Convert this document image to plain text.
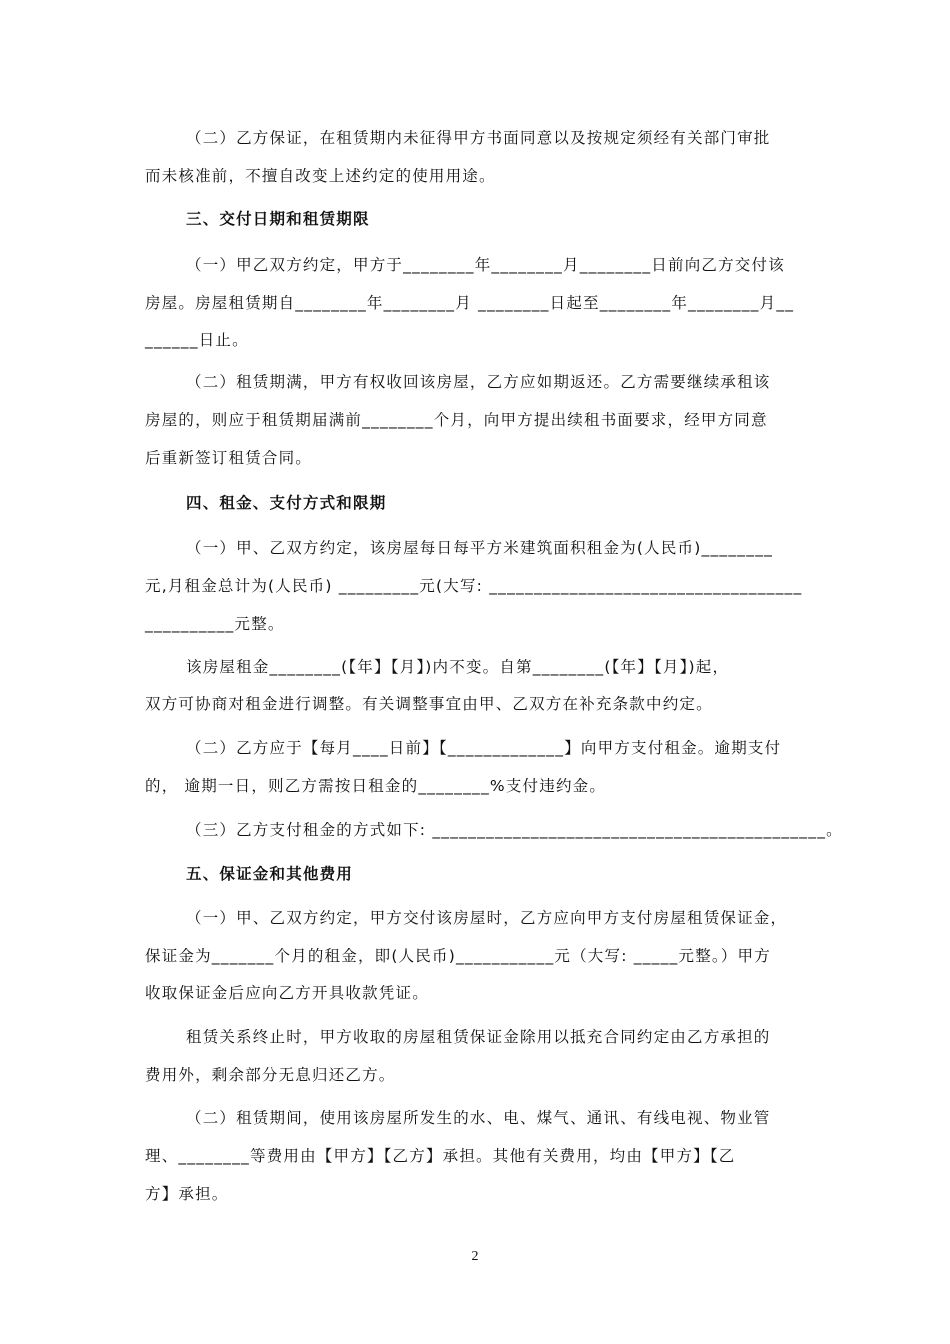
（二）乙方保证，在租赁期内未征得甲方书面同意以及按规定须经有关部门审批
而未核准前，不擅自改变上述约定的使用用途。
三、交付日期和租赁期限
（一）甲乙双方约定，甲方于________年________月________日前向乙方交付该
房屋。房屋租赁期自________年________月 ________日起至________年________月__
______日止。
（二）租赁期满，甲方有权收回该房屋，乙方应如期返还。乙方需要继续承租该
房屋的，则应于租赁期届满前________个月，向甲方提出续租书面要求，经甲方同意
后重新签订租赁合同。
四、租金、支付方式和限期
（一）甲、乙双方约定，该房屋每日每平方米建筑面积租金为(人民币)________
元,月租金总计为(人民币) _________元(大写: ___________________________________
__________元整。
该房屋租金________(【年】【月】)内不变。自第________(【年】【月】)起，
双方可协商对租金进行调整。有关调整事宜由甲、乙双方在补充条款中约定。
（二）乙方应于【每月____日前】【_____________】向甲方支付租金。逾期支付
的， 逾期一日，则乙方需按日租金的________%支付违约金。
（三）乙方支付租金的方式如下: ____________________________________________。
五、保证金和其他费用
（一）甲、乙双方约定，甲方交付该房屋时，乙方应向甲方支付房屋租赁保证金，
保证金为_______个月的租金，即(人民币)___________元（大写: _____元整。）甲方
收取保证金后应向乙方开具收款凭证。
租赁关系终止时，甲方收取的房屋租赁保证金除用以抵充合同约定由乙方承担的
费用外，剩余部分无息归还乙方。
（二）租赁期间，使用该房屋所发生的水、电、煤气、通讯、有线电视、物业管
理、________等费用由【甲方】【乙方】承担。其他有关费用，均由【甲方】【乙
方】承担。
2
